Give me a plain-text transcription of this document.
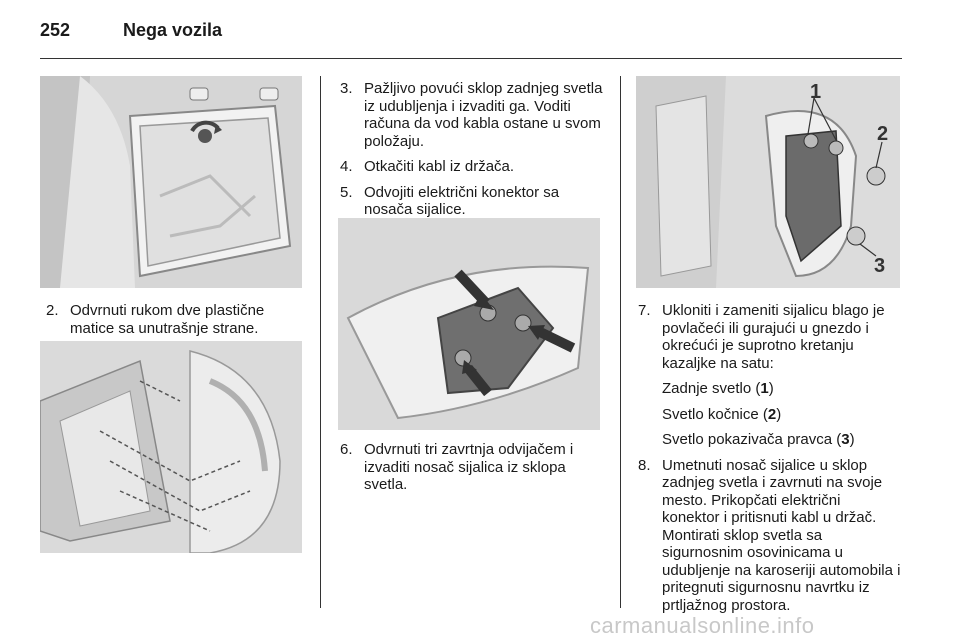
252	Nega vozila
2. Odvrnuti rukom dve plastične matice sa unutrašnje strane.
3. Pažljivo povući sklop zadnjeg svetla iz udubljenja i izvaditi ga. Voditi računa da vod kabla ostane u svom položaju.
4. Otkačiti kabl iz držača.
5. Odvojiti električni konektor sa nosača sijalice.
6. Odvrnuti tri zavrtnja odvijačem i izvaditi nosač sijalica iz sklopa svetla.
1
2
3
7. Ukloniti i zameniti sijalicu blago je povlačeći ili gurajući u gnezdo i okrećući je suprotno kretanju kazaljke na satu:
Zadnje svetlo (1)
Svetlo kočnice (2)
Svetlo pokazivača pravca (3)
8. Umetnuti nosač sijalice u sklop zadnjeg svetla i zavrnuti na svoje mesto. Prikopčati električni konektor i pritisnuti kabl u držač. Montirati sklop svetla sa sigurnosnim osovinicama u udubljenje na karoseriji automobila i pritegnuti sigurnosnu navrtku iz prtljažnog prostora.
carmanualsonline.info
